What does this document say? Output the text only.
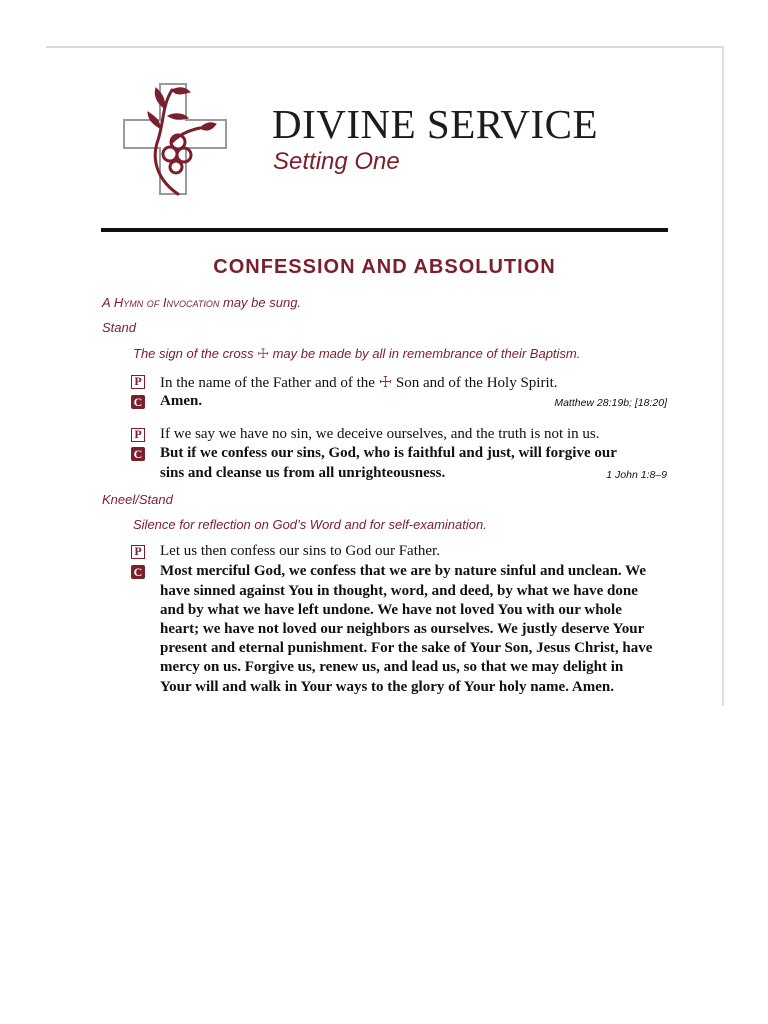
DIVINE SERVICE
Setting One
CONFESSION AND ABSOLUTION
A Hymn of Invocation may be sung.
Stand
The sign of the cross ☩ may be made by all in remembrance of their Baptism.
P In the name of the Father and of the ☩ Son and of the Holy Spirit.
C Amen.	Matthew 28:19b; [18:20]
P If we say we have no sin, we deceive ourselves, and the truth is not in us.
C But if we confess our sins, God, who is faithful and just, will forgive our
sins and cleanse us from all unrighteousness.	1 John 1:8–9
Kneel/Stand
Silence for reflection on God’s Word and for self-examination.
P Let us then confess our sins to God our Father.
C Most merciful God, we confess that we are by nature sinful and unclean. We
have sinned against You in thought, word, and deed, by what we have done
and by what we have left undone. We have not loved You with our whole
heart; we have not loved our neighbors as ourselves. We justly deserve Your
present and eternal punishment. For the sake of Your Son, Jesus Christ, have
mercy on us. Forgive us, renew us, and lead us, so that we may delight in
Your will and walk in Your ways to the glory of Your holy name. Amen.
